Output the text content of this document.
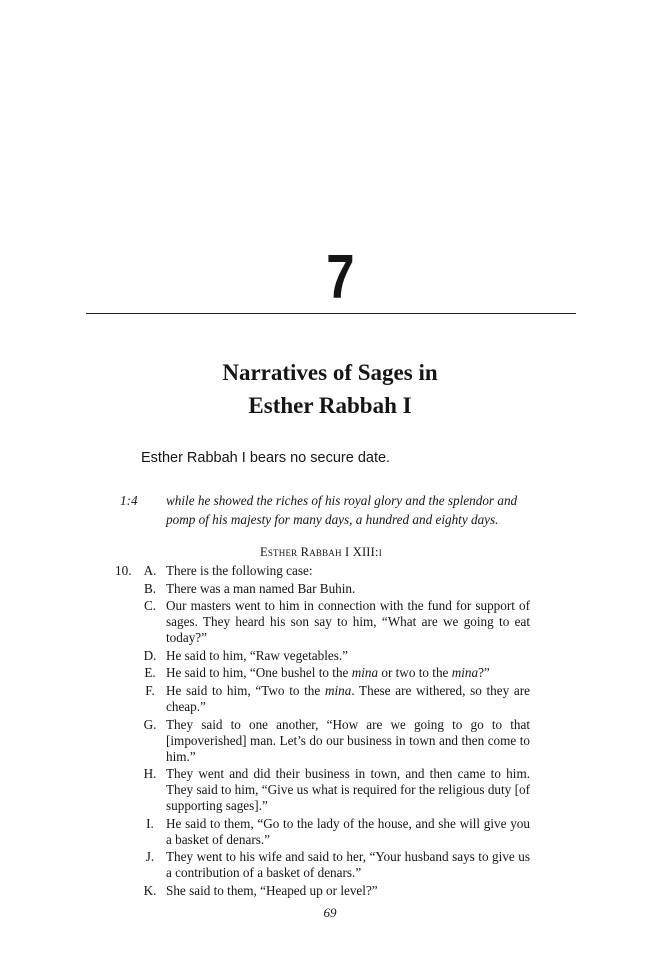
7
Narratives of Sages in
Esther Rabbah I
Esther Rabbah I bears no secure date.
1:4 while he showed the riches of his royal glory and the splendor and
pomp of his majesty for many days, a hundred and eighty days.
Esther Rabbah I XIII:i
10. A. There is the following case:
B. There was a man named Bar Buhin.
C. Our masters went to him in connection with the fund for support of sages. They heard his son say to him, “What are we going to eat today?”
D. He said to him, “Raw vegetables.”
E. He said to him, “One bushel to the mina or two to the mina?”
F. He said to him, “Two to the mina. These are withered, so they are cheap.”
G. They said to one another, “How are we going to go to that [impoverished] man. Let’s do our business in town and then come to him.”
H. They went and did their business in town, and then came to him. They said to him, “Give us what is required for the religious duty [of supporting sages].”
I. He said to them, “Go to the lady of the house, and she will give you a basket of denars.”
J. They went to his wife and said to her, “Your husband says to give us a contribution of a basket of denars.”
K. She said to them, “Heaped up or level?”
69
